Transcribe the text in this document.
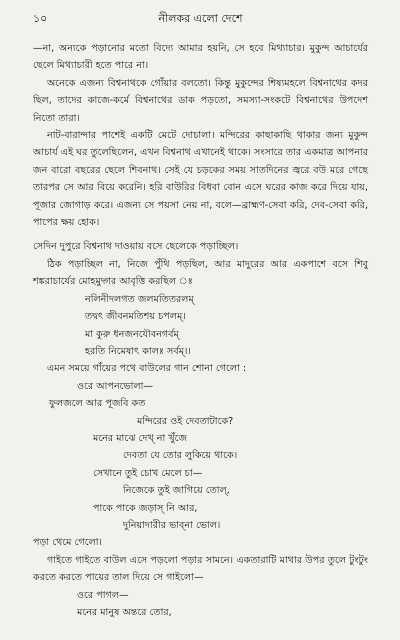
১০	নীলকর এলো দেশে

—না, অন্যকে পড়ানোর মতো বিদ্যে আমার হয়নি, সে হবে মিথ্যাচার। মুকুন্দ আচার্যের ছেলে মিথ্যাচারী হতে পারে না।

অনেকে এজন্য বিশ্বনাথকে গোঁয়ার বলতো। কিন্তু মুকুন্দের শিষ্যমহলে বিশ্বনাথের কদর ছিল, তাদের কাজে-কর্মে বিশ্বনাথের ডাক পড়তো, সমস্যা-সংকটে বিশ্বনাথের উপদেশ নিতো তারা।

নাট-বারান্দার পাশেই একটি মেটে দোচালা। মন্দিরের কাছাকাছি থাকার জন্য মুকুন্দ আচার্য এই ঘর তুলেছিলেন, এখন বিশ্বনাথ এখানেই থাকে। সংসারে তার একমাত্র আপনার জন বারো বছরের ছেলে শিবনাথ। সেই যে চড়কের সময় সাতদিনের জ্বরে বউ মরে গেছে তারপর সে আর বিয়ে করেনি। হরি বাউরির বিধবা বোন এসে ঘরের কাজ করে দিয়ে যায়, পূজার জোগাড় করে। এজন্য সে পয়সা নেয় না, বলে—ব্রাহ্মণ-সেবা করি, দেব-সেবা করি, পাপের ক্ষয় হোক।

সেদিন দুপুরে বিশ্বনাথ দাওয়ায় বসে ছেলেকে পড়াচ্ছিল।

ঠিক পড়াচ্ছিল না, নিজে পুঁথি পড়ছিল, আর মাদুরের আর একপাশে বসে শিবু শঙ্করাচার্যের মোহমুদ্গর আবৃত্তি করছিল ঃ

নলিনীদলগত জলমতিতরলম্‌

তদ্বৎ জীবনমতিশয় চপলম্‌।

মা কুরু ধনজনযৌবনগর্বম্‌

হরতি নিমেষাৎ কালঃ সর্বম্‌।।

এমন সময়ে গাঁয়ের পথে বাউলের গান শোনা গেলো :

ওরে আপনভোলা—

ফুলজলে আর পূজবি কত

মন্দিরের ওই দেবতাটাকে?

মনের মাঝে দেখ্‌ না খুঁজে

দেবতা যে তোর লুকিয়ে থাকে।

সেখানে তুই চোখ মেলে চা—

নিজেকে তুই জাগিয়ে তোল্‌,

পাকে পাকে জড়াস্‌ নি আর,

দুনিয়াদারীর ভাব্‌না ভোল।

পড়া থেমে গেলো।

গাইতে গাইতে বাউল এসে পড়লো পড়ার সামনে। একতারাটি মাথার উপর তুলে টুংটুং করতে করতে পায়ের তাল দিয়ে সে গাইলো—

ওরে পাগল—

মনের মানুষ অন্তরে তোর,
